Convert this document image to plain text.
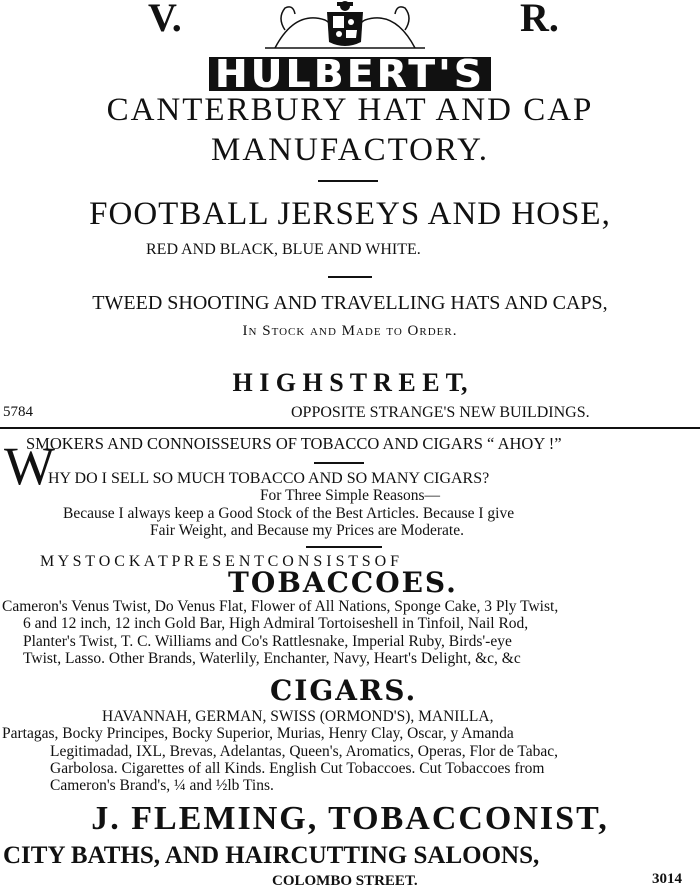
V.	R.
HULBERT'S
CANTERBURY HAT AND CAP
MANUFACTORY.
FOOTBALL JERSEYS AND HOSE,
RED AND BLACK, BLUE AND WHITE.
TWEED SHOOTING AND TRAVELLING HATS AND CAPS,
In Stock and Made to Order.
H I G H S T R E E T,
5784	OPPOSITE STRANGE'S NEW BUILDINGS.
SMOKERS AND CONNOISSEURS OF TOBACCO AND CIGARS “ AHOY !”
W
HY DO I SELL SO MUCH TOBACCO AND SO MANY CIGARS?
For Three Simple Reasons—
Because I always keep a Good Stock of the Best Articles. Because I give
Fair Weight, and Because my Prices are Moderate.
M Y S T O C K A T P R E S E N T C O N S I S T S O F
TOBACCOES.
Cameron's Venus Twist, Do Venus Flat, Flower of All Nations, Sponge Cake, 3 Ply Twist,
6 and 12 inch, 12 inch Gold Bar, High Admiral Tortoiseshell in Tinfoil, Nail Rod,
Planter's Twist, T. C. Williams and Co's Rattlesnake, Imperial Ruby, Birds'-eye
Twist, Lasso. Other Brands, Waterlily, Enchanter, Navy, Heart's Delight, &c, &c
CIGARS.
HAVANNAH, GERMAN, SWISS (ORMOND'S), MANILLA,
Partagas, Bocky Principes, Bocky Superior, Murias, Henry Clay, Oscar, y Amanda
Legitimadad, IXL, Brevas, Adelantas, Queen's, Aromatics, Operas, Flor de Tabac,
Garbolosa. Cigarettes of all Kinds. English Cut Tobaccoes. Cut Tobaccoes from
Cameron's Brand's, ¼ and ½lb Tins.
J. FLEMING, TOBACCONIST,
CITY BATHS, AND HAIRCUTTING SALOONS,
COLOMBO STREET.	3014
